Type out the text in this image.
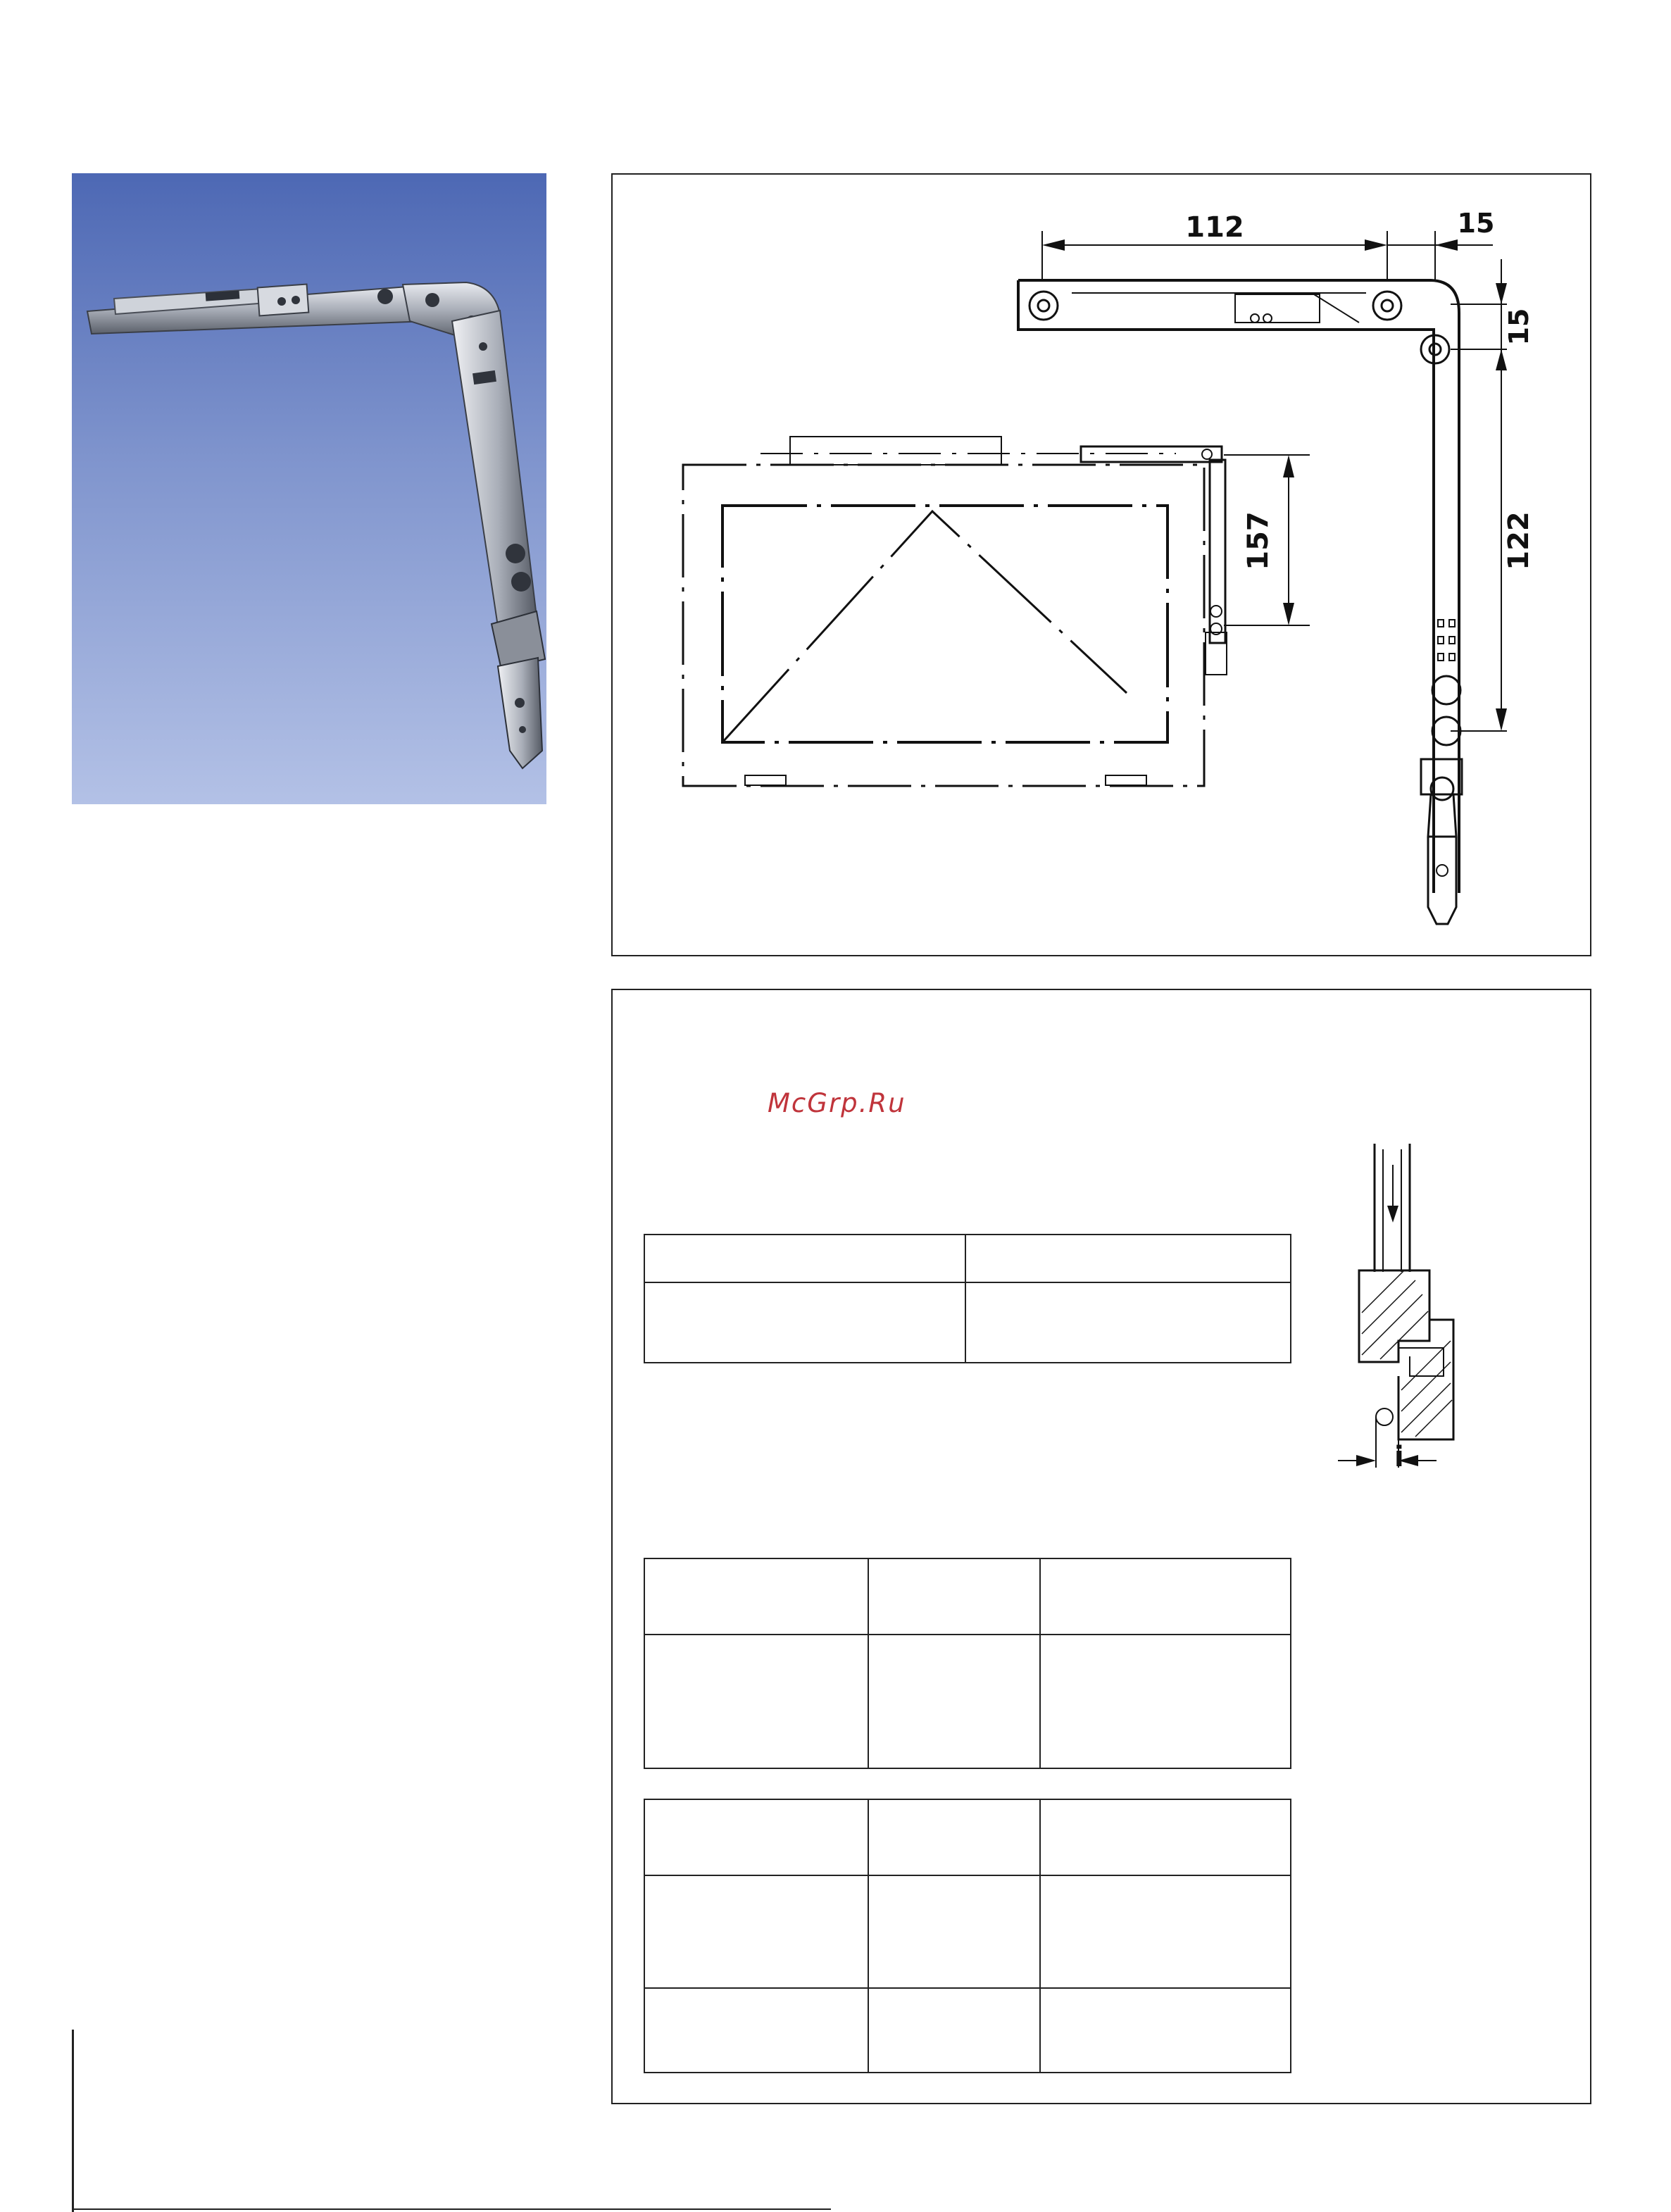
157
112	15
15
122
i

McGrp.Ru
